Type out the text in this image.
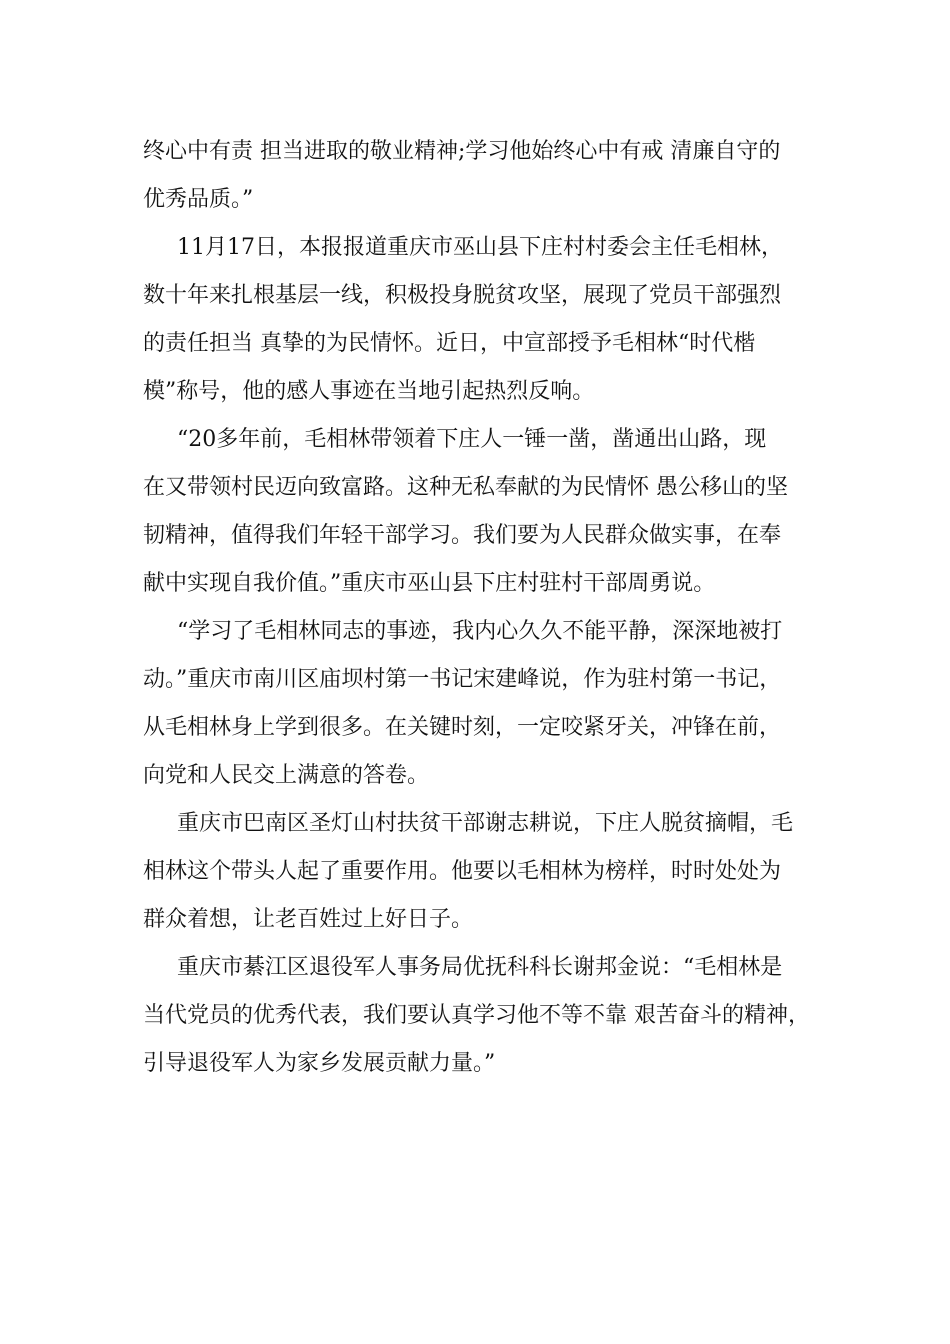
终心中有责 担当进取的敬业精神;学习他始终心中有戒 清廉自守的
优秀品质。”
11月17日，本报报道重庆市巫山县下庄村村委会主任毛相林，
数十年来扎根基层一线，积极投身脱贫攻坚，展现了党员干部强烈
的责任担当 真挚的为民情怀。近日，中宣部授予毛相林“时代楷
模”称号，他的感人事迹在当地引起热烈反响。
“20多年前，毛相林带领着下庄人一锤一凿，凿通出山路，现
在又带领村民迈向致富路。这种无私奉献的为民情怀 愚公移山的坚
韧精神，值得我们年轻干部学习。我们要为人民群众做实事，在奉
献中实现自我价值。”重庆市巫山县下庄村驻村干部周勇说。
“学习了毛相林同志的事迹，我内心久久不能平静，深深地被打
动。”重庆市南川区庙坝村第一书记宋建峰说，作为驻村第一书记，
从毛相林身上学到很多。在关键时刻，一定咬紧牙关，冲锋在前，
向党和人民交上满意的答卷。
重庆市巴南区圣灯山村扶贫干部谢志耕说，下庄人脱贫摘帽，毛
相林这个带头人起了重要作用。他要以毛相林为榜样，时时处处为
群众着想，让老百姓过上好日子。
重庆市綦江区退役军人事务局优抚科科长谢邦金说：“毛相林是
当代党员的优秀代表，我们要认真学习他不等不靠 艰苦奋斗的精神，
引导退役军人为家乡发展贡献力量。”
